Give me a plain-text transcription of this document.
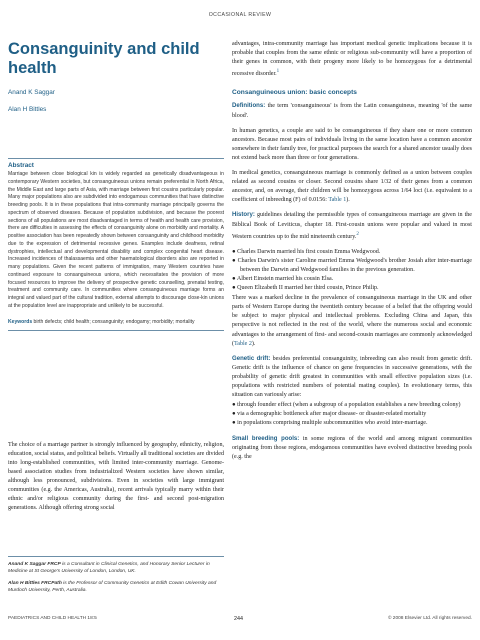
OCCASIONAL REVIEW
Consanguinity and child
health
Anand K Saggar
Alan H Bittles
Abstract
Marriage between close biological kin is widely regarded as genetically disadvantageous in contemporary Western societies, but consanguineous unions remain preferential in North Africa, the Middle East and large parts of Asia, with marriage between first cousins particularly popular. Many major populations also are subdivided into endogamous communities that have distinctive breeding pools. It is in these populations that intra-community marriage principally governs the spectrum of observed diseases. Because of population subdivision, and because the poorest sections of all populations are most disadvantaged in terms of health and health care provision, there are difficulties in assessing the effects of consanguinity alone on morbidity and mortality. A positive association has been repeatedly shown between consanguinity and childhood morbidity due to the expression of detrimental recessive genes. Examples include deafness, retinal dystrophies, intellectual and developmental disability and complex congenital heart disease. Increased incidences of thalassaemia and other haematological disorders also are reported in many populations. Given the recent patterns of immigration, many Western countries have continued exposure to consanguineous unions, which necessitates the provision of more focused resources to improve the delivery of prospective genetic counselling, prenatal testing, treatment and community care. In communities where consanguineous marriage forms an integral and valued part of the cultural tradition, external attempts to discourage close-kin unions at the population level are inappropriate and unlikely to be successful.
Keywords birth defects; child health; consanguinity; endogamy; morbidity; mortality
The choice of a marriage partner is strongly influenced by geography, ethnicity, religion, education, social status, and political beliefs. Virtually all traditional societies are divided into long-established communities, with limited inter-community marriage. Genome-based association studies from industrialized Western societies have shown similar, although less pronounced, subdivisions. Even in societies with large immigrant communities (e.g. the Americas, Australia), recent arrivals typically marry within their ethnic and/or religious community during the first- and second post-migration generations. Although offering strong social
Anand K Saggar FRCP is a Consultant in Clinical Genetics, and Honorary Senior Lecturer in Medicine at St George's University of London, London, UK.
Alan H Bittles FRCPath is the Professor of Community Genetics at Edith Cowan University and Murdoch University, Perth, Australia.

advantages, intra-community marriage has important medical genetic implications because it is probable that couples from the same ethnic or religious sub-community will have a proportion of their genes in common, with their progeny more likely to be homozygous for a detrimental recessive disorder.$^1$

Consanguineous union: basic concepts

Definitions: the term 'consanguineous' is from the Latin consanguineus, meaning 'of the same blood'.

In human genetics, a couple are said to be consanguineous if they share one or more common ancestors. Because most pairs of individuals living in the same location have a common ancestor somewhere in their family tree, for practical purposes the search for a shared ancestor usually does not extend back more than three or four generations.

In medical genetics, consanguineous marriage is commonly defined as a union between couples related as second cousins or closer. Second cousins share 1/32 of their genes from a common ancestor, and, on average, their children will be homozygous across 1/64 loci (i.e. equivalent to a coefficient of inbreeding (F) of 0.0156: Table 1).

History: guidelines detailing the permissible types of consanguineous marriage are given in the Biblical Book of Leviticus, chapter 18. First-cousin unions were popular and valued in most Western countries up to the mid nineteenth century.$^2$

● Charles Darwin married his first cousin Emma Wedgwood.

● Charles Darwin's sister Caroline married Emma Wedgwood's brother Josiah after inter-marriage between the Darwin and Wedgwood families in the previous generation.

● Albert Einstein married his cousin Elsa.

● Queen Elizabeth II married her third cousin, Prince Philip.

There was a marked decline in the prevalence of consanguineous marriage in the UK and other parts of Western Europe during the twentieth century because of a belief that the offspring would be subject to major physical and intellectual problems. Excluding China and Japan, this perspective is not reflected in the rest of the world, where the numerous social and economic advantages to the arrangement of first- and second-cousin marriages are commonly acknowledged (Table 2).

Genetic drift: besides preferential consanguinity, inbreeding can also result from genetic drift. Genetic drift is the influence of chance on gene frequencies in successive generations, with the probability of genetic drift greatest in communities with small effective population sizes (i.e. populations with restricted numbers of potential mating couples). In evolutionary terms, this situation can variously arise:

● through founder effect (when a subgroup of a population establishes a new breeding colony)

● via a demographic bottleneck after major disease- or disaster-related mortality

● in populations comprising multiple subcommunities who avoid inter-marriage.

Small breeding pools: in some regions of the world and among migrant communities originating from those regions, endogamous communities have evolved distinctive breeding pools (e.g. the

PAEDIATRICS AND CHILD HEALTH 18:5	244	© 2008 Elsevier Ltd. All rights reserved.
